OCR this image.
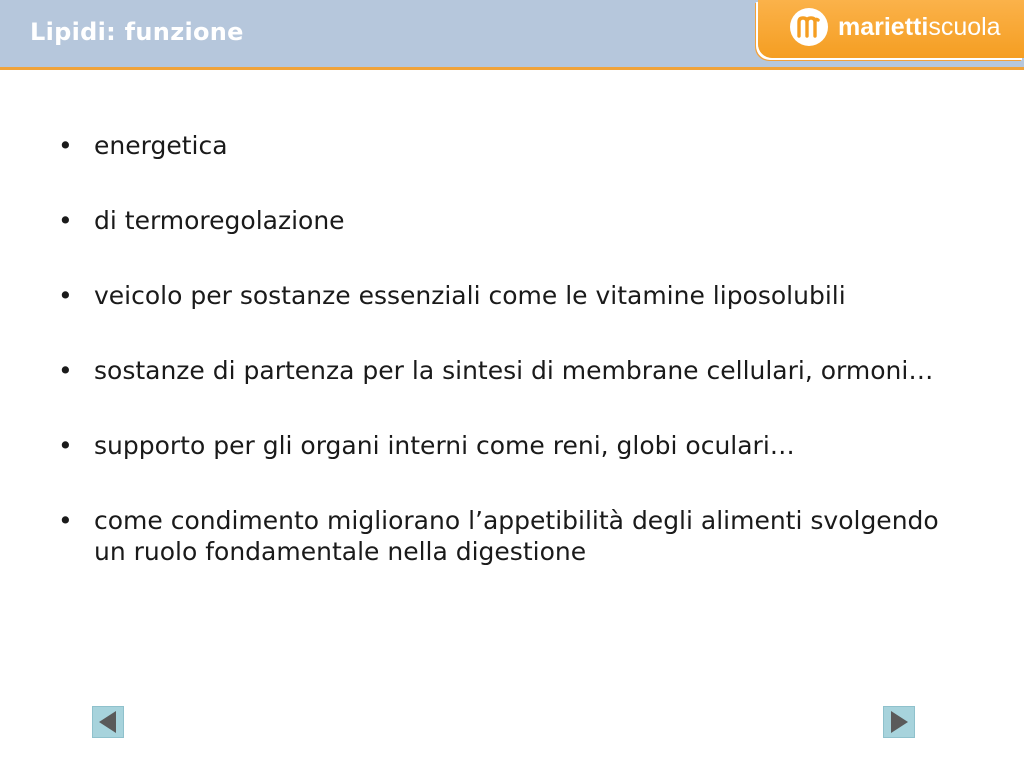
Lipidi: funzione	mariettiscuola
• energetica
• di termoregolazione
• veicolo per sostanze essenziali come le vitamine liposolubili
• sostanze di partenza per la sintesi di membrane cellulari, ormoni…
• supporto per gli organi interni come reni, globi oculari…
• come condimento migliorano l’appetibilità degli alimenti svolgendo un ruolo fondamentale nella digestione
